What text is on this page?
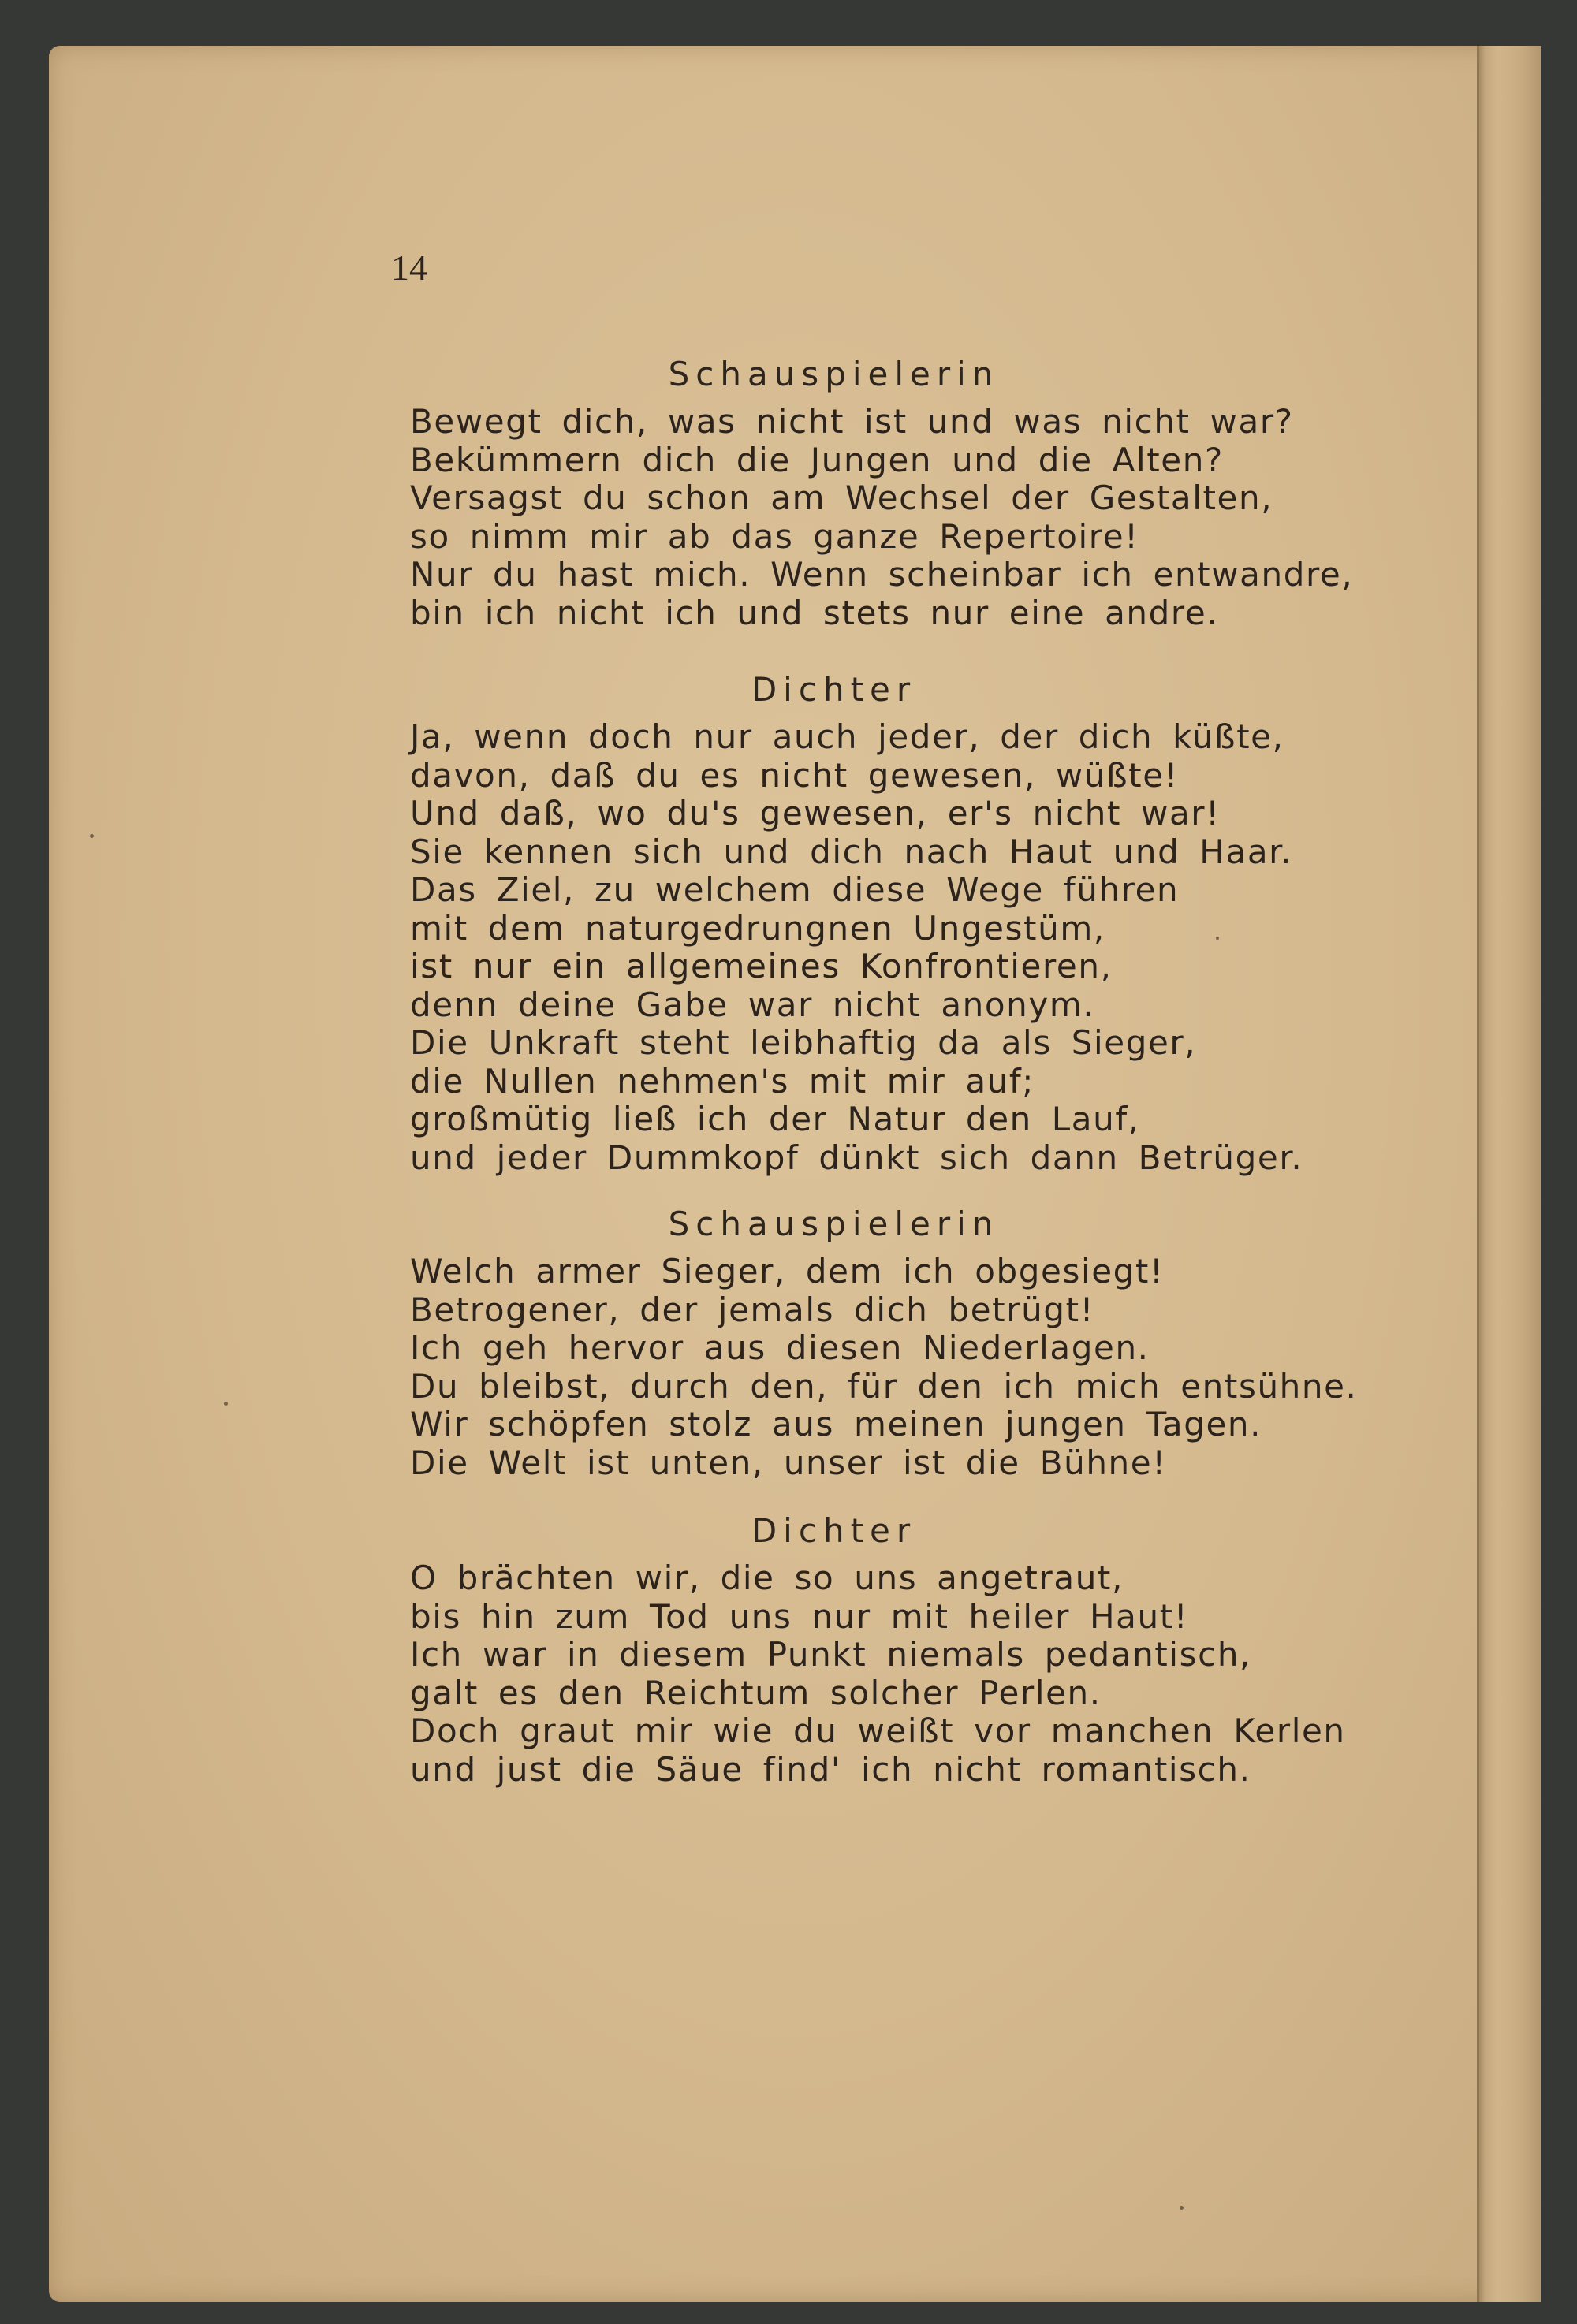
14
Schauspielerin
Bewegt dich, was nicht ist und was nicht war?
Bekümmern dich die Jungen und die Alten?
Versagst du schon am Wechsel der Gestalten,
so nimm mir ab das ganze Repertoire!
Nur du hast mich. Wenn scheinbar ich entwandre,
bin ich nicht ich und stets nur eine andre.
Dichter
Ja, wenn doch nur auch jeder, der dich küßte,
davon, daß du es nicht gewesen, wüßte!
Und daß, wo du's gewesen, er's nicht war!
Sie kennen sich und dich nach Haut und Haar.
Das Ziel, zu welchem diese Wege führen
mit dem naturgedrungnen Ungestüm,
ist nur ein allgemeines Konfrontieren,
denn deine Gabe war nicht anonym.
Die Unkraft steht leibhaftig da als Sieger,
die Nullen nehmen's mit mir auf;
großmütig ließ ich der Natur den Lauf,
und jeder Dummkopf dünkt sich dann Betrüger.
Schauspielerin
Welch armer Sieger, dem ich obgesiegt!
Betrogener, der jemals dich betrügt!
Ich geh hervor aus diesen Niederlagen.
Du bleibst, durch den, für den ich mich entsühne.
Wir schöpfen stolz aus meinen jungen Tagen.
Die Welt ist unten, unser ist die Bühne!
Dichter
O brächten wir, die so uns angetraut,
bis hin zum Tod uns nur mit heiler Haut!
Ich war in diesem Punkt niemals pedantisch,
galt es den Reichtum solcher Perlen.
Doch graut mir wie du weißt vor manchen Kerlen
und just die Säue find' ich nicht romantisch.
